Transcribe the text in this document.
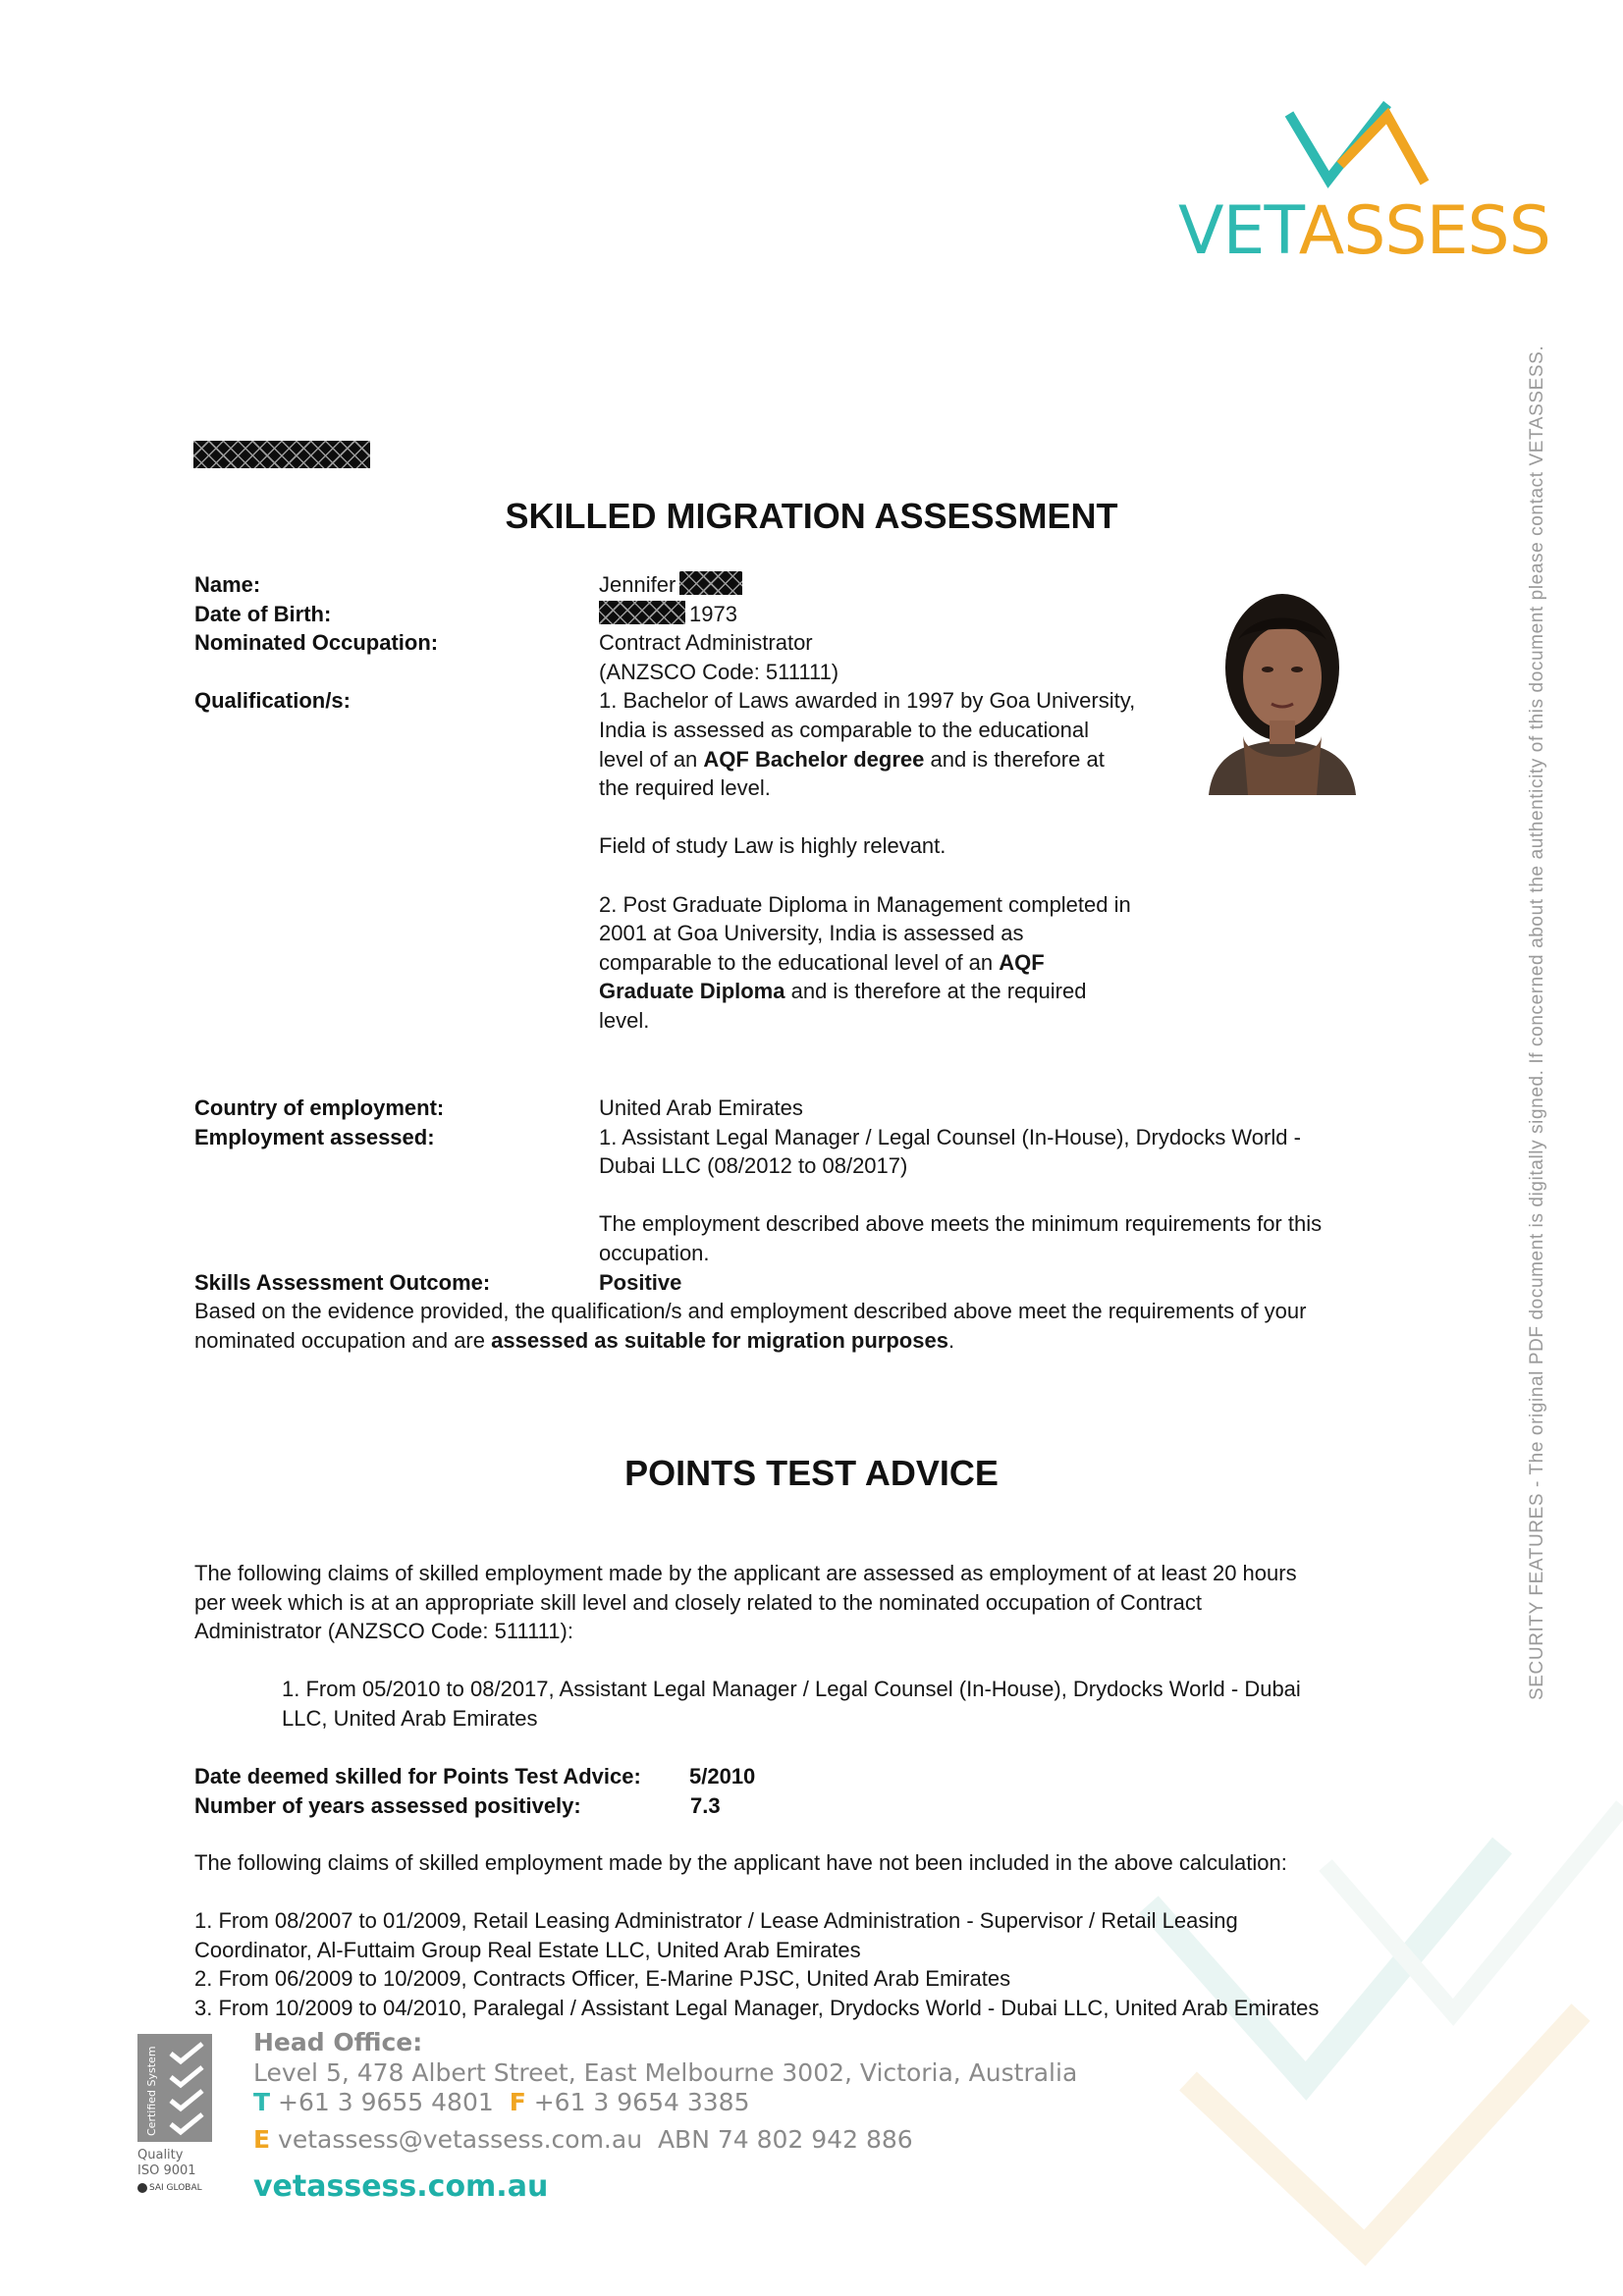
VETASSESS
SECURITY FEATURES - The original PDF document is digitally signed. If concerned about the authenticity of this document please contact VETASSESS.
SKILLED MIGRATION ASSESSMENT
Name:	Jennifer
Date of Birth:	1973
Nominated Occupation:	Contract Administrator
(ANZSCO Code: 511111)
Qualification/s:	1. Bachelor of Laws awarded in 1997 by Goa University,
India is assessed as comparable to the educational
level of an AQF Bachelor degree and is therefore at
the required level.
Field of study Law is highly relevant.
2. Post Graduate Diploma in Management completed in
2001 at Goa University, India is assessed as
comparable to the educational level of an AQF
Graduate Diploma and is therefore at the required
level.
Country of employment:	United Arab Emirates
Employment assessed:	1. Assistant Legal Manager / Legal Counsel (In-House), Drydocks World -
Dubai LLC (08/2012 to 08/2017)
The employment described above meets the minimum requirements for this
occupation.
Skills Assessment Outcome:	Positive
Based on the evidence provided, the qualification/s and employment described above meet the requirements of your
nominated occupation and are assessed as suitable for migration purposes.
POINTS TEST ADVICE
The following claims of skilled employment made by the applicant are assessed as employment of at least 20 hours
per week which is at an appropriate skill level and closely related to the nominated occupation of Contract
Administrator (ANZSCO Code: 511111):
1. From 05/2010 to 08/2017, Assistant Legal Manager / Legal Counsel (In-House), Drydocks World - Dubai
LLC, United Arab Emirates
Date deemed skilled for Points Test Advice: 5/2010
Number of years assessed positively:	7.3
The following claims of skilled employment made by the applicant have not been included in the above calculation:
1. From 08/2007 to 01/2009, Retail Leasing Administrator / Lease Administration - Supervisor / Retail Leasing
Coordinator, Al-Futtaim Group Real Estate LLC, United Arab Emirates
2. From 06/2009 to 10/2009, Contracts Officer, E-Marine PJSC, United Arab Emirates
3. From 10/2009 to 04/2010, Paralegal / Assistant Legal Manager, Drydocks World - Dubai LLC, United Arab Emirates
Certified System
Quality
ISO 9001
SAI GLOBAL
Head Office:
Level 5, 478 Albert Street, East Melbourne 3002, Victoria, Australia
T +61 3 9655 4801 F +61 3 9654 3385
E vetassess@vetassess.com.au ABN 74 802 942 886
vetassess.com.au
